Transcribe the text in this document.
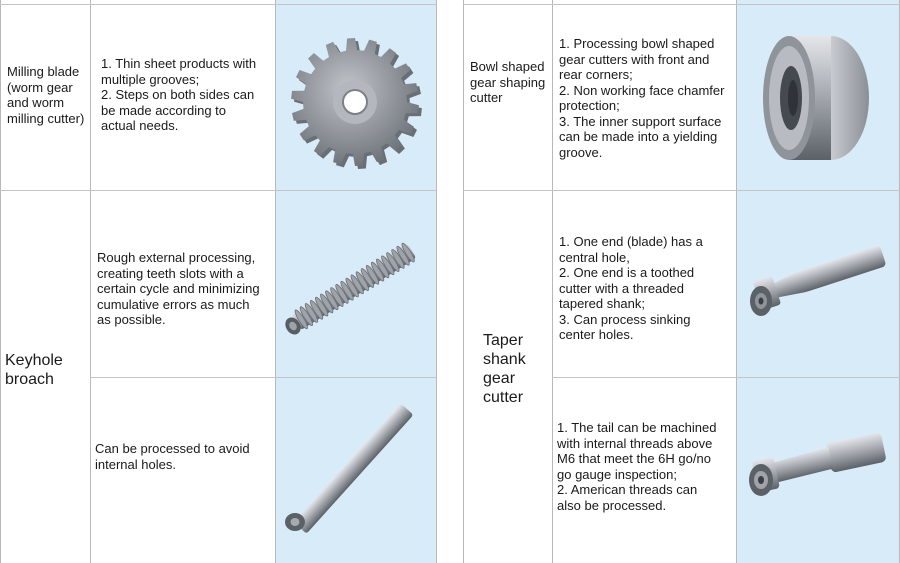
Milling blade
(worm gear
and worm
milling cutter)
1. Thin sheet products with
multiple grooves;
2. Steps on both sides can
be made according to
actual needs.
Keyhole
broach
Rough external processing,
creating teeth slots with a
certain cycle and minimizing
cumulative errors as much
as possible.
Can be processed to avoid
internal holes.
Bowl shaped
gear shaping
cutter
1. Processing bowl shaped
gear cutters with front and
rear corners;
2. Non working face chamfer
protection;
3. The inner support surface
can be made into a yielding
groove.
Taper
shank
gear
cutter
1. One end (blade) has a
central hole,
2. One end is a toothed
cutter with a threaded
tapered shank;
3. Can process sinking
center holes.
1. The tail can be machined
with internal threads above
M6 that meet the 6H go/no
go gauge inspection;
2. American threads can
also be processed.
